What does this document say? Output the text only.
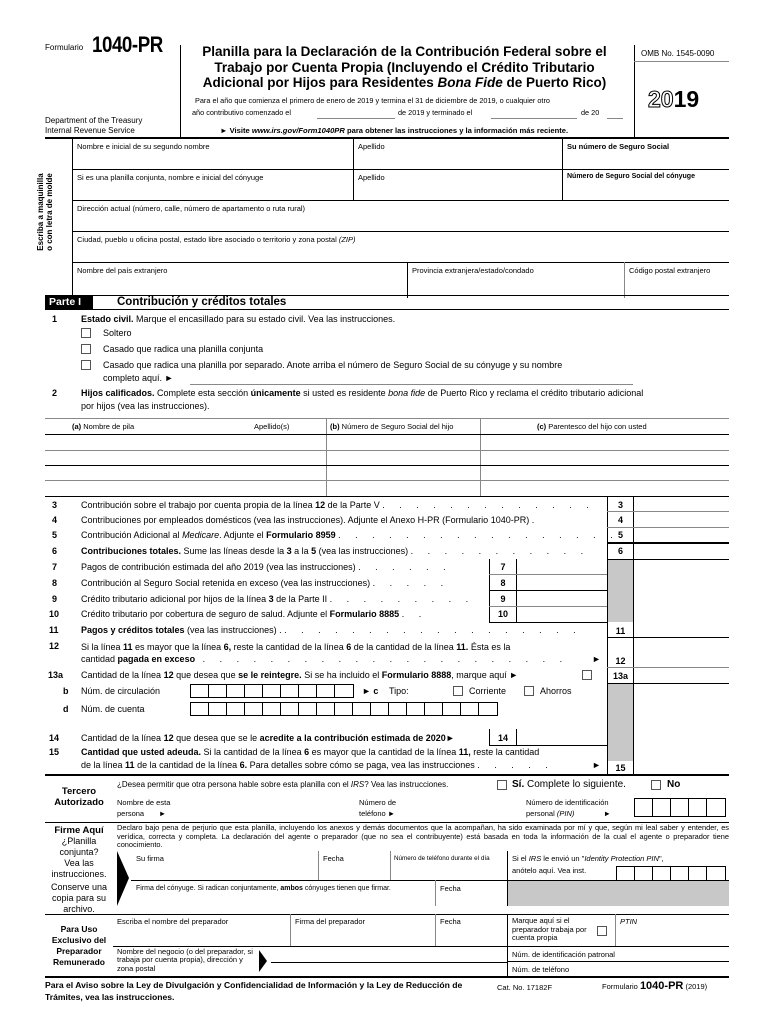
Formulario 1040-PR
Department of the Treasury
Internal Revenue Service
Planilla para la Declaración de la Contribución Federal sobre el
Trabajo por Cuenta Propia (Incluyendo el Crédito Tributario
Adicional por Hijos para Residentes Bona Fide de Puerto Rico)
Para el año que comienza el primero de enero de 2019 y termina el 31 de diciembre de 2019, o cualquier otro
año contributivo comenzado el	de 2019 y terminado el	de 20
► Visite www.irs.gov/Form1040PR para obtener las instrucciones y la información más reciente.
OMB No. 1545-0090
2019
Escriba a maquinilla o con letra de molde
Nombre e inicial de su segundo nombre	Apellido	Su número de Seguro Social
Si es una planilla conjunta, nombre e inicial del cónyuge	Apellido	Número de Seguro Social del cónyuge
Dirección actual (número, calle, número de apartamento o ruta rural)
Ciudad, pueblo u oficina postal, estado libre asociado o territorio y zona postal (ZIP)
Nombre del país extranjero	Provincia extranjera/estado/condado	Código postal extranjero
Parte I	Contribución y créditos totales
1	Estado civil. Marque el encasillado para su estado civil. Vea las instrucciones.
Soltero
Casado que radica una planilla conjunta
Casado que radica una planilla por separado. Anote arriba el número de Seguro Social de su cónyuge y su nombre
completo aquí. ►
2	Hijos calificados. Complete esta sección únicamente si usted es residente bona fide de Puerto Rico y reclama el crédito tributario adicional
por hijos (vea las instrucciones).
(a) Nombre de pila	Apellido(s)	(b) Número de Seguro Social del hijo	(c) Parentesco del hijo con usted
3	Contribución sobre el trabajo por cuenta propia de la línea 12 de la Parte V . . . . . . . . . . . . .	3
4	Contribuciones por empleados domésticos (vea las instrucciones). Adjunte el Anexo H-PR (Formulario 1040-PR) .	4
5	Contribución Adicional al Medicare. Adjunte el Formulario 8959 . . . . . . . . . . . . . . . . . 5
6	Contribuciones totales. Sume las líneas desde la 3 a la 5 (vea las instrucciones) . . . . . . . . . . .	6
7	Pagos de contribución estimada del año 2019 (vea las instrucciones) . . . . . .	7
8	Contribución al Seguro Social retenida en exceso (vea las instrucciones) . . . . .	8
9	Crédito tributario adicional por hijos de la línea 3 de la Parte II . . . . . . . . .	9
10 Crédito tributario por cobertura de seguro de salud. Adjunte el Formulario 8885 . .	10
11 Pagos y créditos totales (vea las instrucciones) . . . . . . . . . . . . . . . . . . .	11
12 Si la línea 11 es mayor que la línea 6, reste la cantidad de la línea 6 de la cantidad de la línea 11. Ésta es la
cantidad pagada en exceso . . . . . . . . . . . . . . . . . . . . . .	►	12
13a Cantidad de la línea 12 que desea que se le reintegre. Si se ha incluido el Formulario 8888, marque aquí ►	13a
b Núm. de circulación	► c Tipo:	Corriente	Ahorros
d Núm. de cuenta
14 Cantidad de la línea 12 que desea que se le acredite a la contribución estimada de 2020►	14
15 Cantidad que usted adeuda. Si la cantidad de la línea 6 es mayor que la cantidad de la línea 11, reste la cantidad
de la línea 11 de la cantidad de la línea 6. Para detalles sobre cómo se paga, vea las instrucciones . . . . .	►	15
Tercero
Autorizado
¿Desea permitir que otra persona hable sobre esta planilla con el IRS? Vea las instrucciones.	Sí. Complete lo siguiente.	No
Nombre de esta
persona       ►
Número de
teléfono ►
Número de identificación
personal (PIN)              ►
Firme Aquí
¿Planilla conjunta?
Vea las instrucciones.
Conserve una copia para su archivo.
Declaro bajo pena de perjurio que esta planilla, incluyendo los anexos y demás documentos que la acompañan, ha sido examinada por mí y que, según mi leal saber y entender, es verídica, correcta y completa. La declaración del agente o preparador (que no sea el contribuyente) está basada en toda la información de la cual el agente o preparador tiene conocimiento.
Su firma	Fecha	Número de teléfono durante el día	Si el IRS le envió un "Identity Protection PIN",
anótelo aquí. Vea inst.
Firma del cónyuge. Si radican conjuntamente, ambos cónyuges tienen que firmar.	Fecha
Para Uso Exclusivo del Preparador Remunerado
Escriba el nombre del preparador	Firma del preparador	Fecha	Marque aquí si el preparador trabaja por cuenta propia
PTIN
Nombre del negocio (o del preparador, si trabaja por cuenta propia), dirección y zona postal
Núm. de identificación patronal
Núm. de teléfono
Para el Aviso sobre la Ley de Divulgación y Confidencialidad de Información y la Ley de Reducción de Trámites, vea las instrucciones.
Cat. No. 17182F	Formulario 1040-PR (2019)
